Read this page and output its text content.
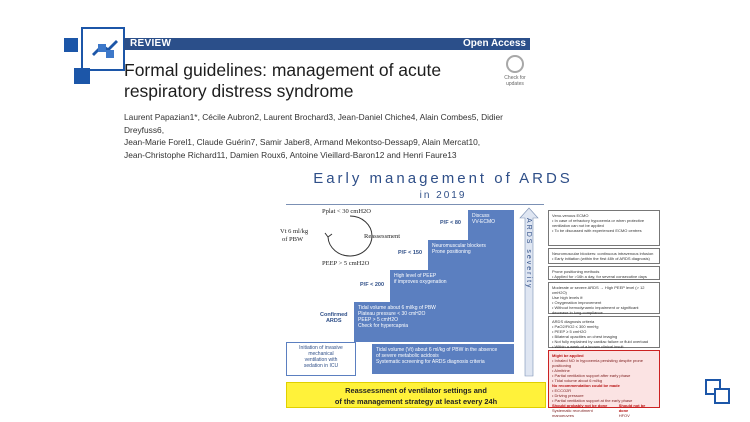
REVIEW	Open Access
Check for updates
Formal guidelines: management of acute
respiratory distress syndrome
Laurent Papazian1*, Cécile Aubron2, Laurent Brochard3, Jean-Daniel Chiche4, Alain Combes5, Didier Dreyfuss6,
Jean-Marie Forel1, Claude Guérin7, Samir Jaber8, Armand Mekontso-Dessap9, Alain Mercat10,
Jean-Christophe Richard11, Damien Roux6, Antoine Vieillard-Baron12 and Henri Faure13
Early management of ARDS
in 2019
Pplat < 30 cmH2O
Vt 6 ml/kg
of PBW	Reassessment
PEEP > 5 cmH2O
Discuss
VV-ECMO
P/F < 80
Neuromuscular blockers
Prone positioning
P/F < 150
High level of PEEP
if improves oxygenation
P/F < 200
Tidal volume about 6 ml/kg of PBW
Plateau pressure < 30 cmH2O
PEEP > 5 cmH2O
Check for hypercapnia
Confirmed
ARDS
Tidal volume (Vt) about 6 ml/kg of PBW in the absence
of severe metabolic acidosis
Systematic screening for ARDS diagnosis criteria
Initiation of invasive
mechanical
ventilation with
sedation in ICU
Reassessment of ventilator settings and
of the management strategy at least every 24h
ARDS severity
Veno-venous ECMO
• In case of refractory hypoxemia or when protective ventilation can not be applied
• To be discussed with experienced ECMO centres
Neuromuscular blockers: continuous intravenous infusion
• Early initiation (within the first 48h of ARDS diagnosis)
Prone positioning methods
• Applied for >16h a day, for several consecutive days
Moderate or severe ARDS → High PEEP level (> 12 cmH2O)
Use high levels if:
• Oxygenation improvement
• Without hemodynamic impairment or significant decrease in lung compliance

ARDS diagnosis criteria
• PaO2/FiO2 ≤ 300 mmHg
• PEEP ≥ 5 cmH2O
• Bilateral opacities on chest imaging
• Not fully explained by cardiac failure or fluid overload
• Within a week of a known clinical insult
Might be applied
• Inhaled NO in hypoxemia persisting despite prone positioning
• Almitrine
• Partial ventilation support after early phase
• Tidal volume about 6 ml/kg
No recommendation could be made
• ECCO2R
• Driving pressure
• Partial ventilation support at the early phase
Should probably not be done
Systematic recruitment manoeuvres
Should not be done
HFOV
